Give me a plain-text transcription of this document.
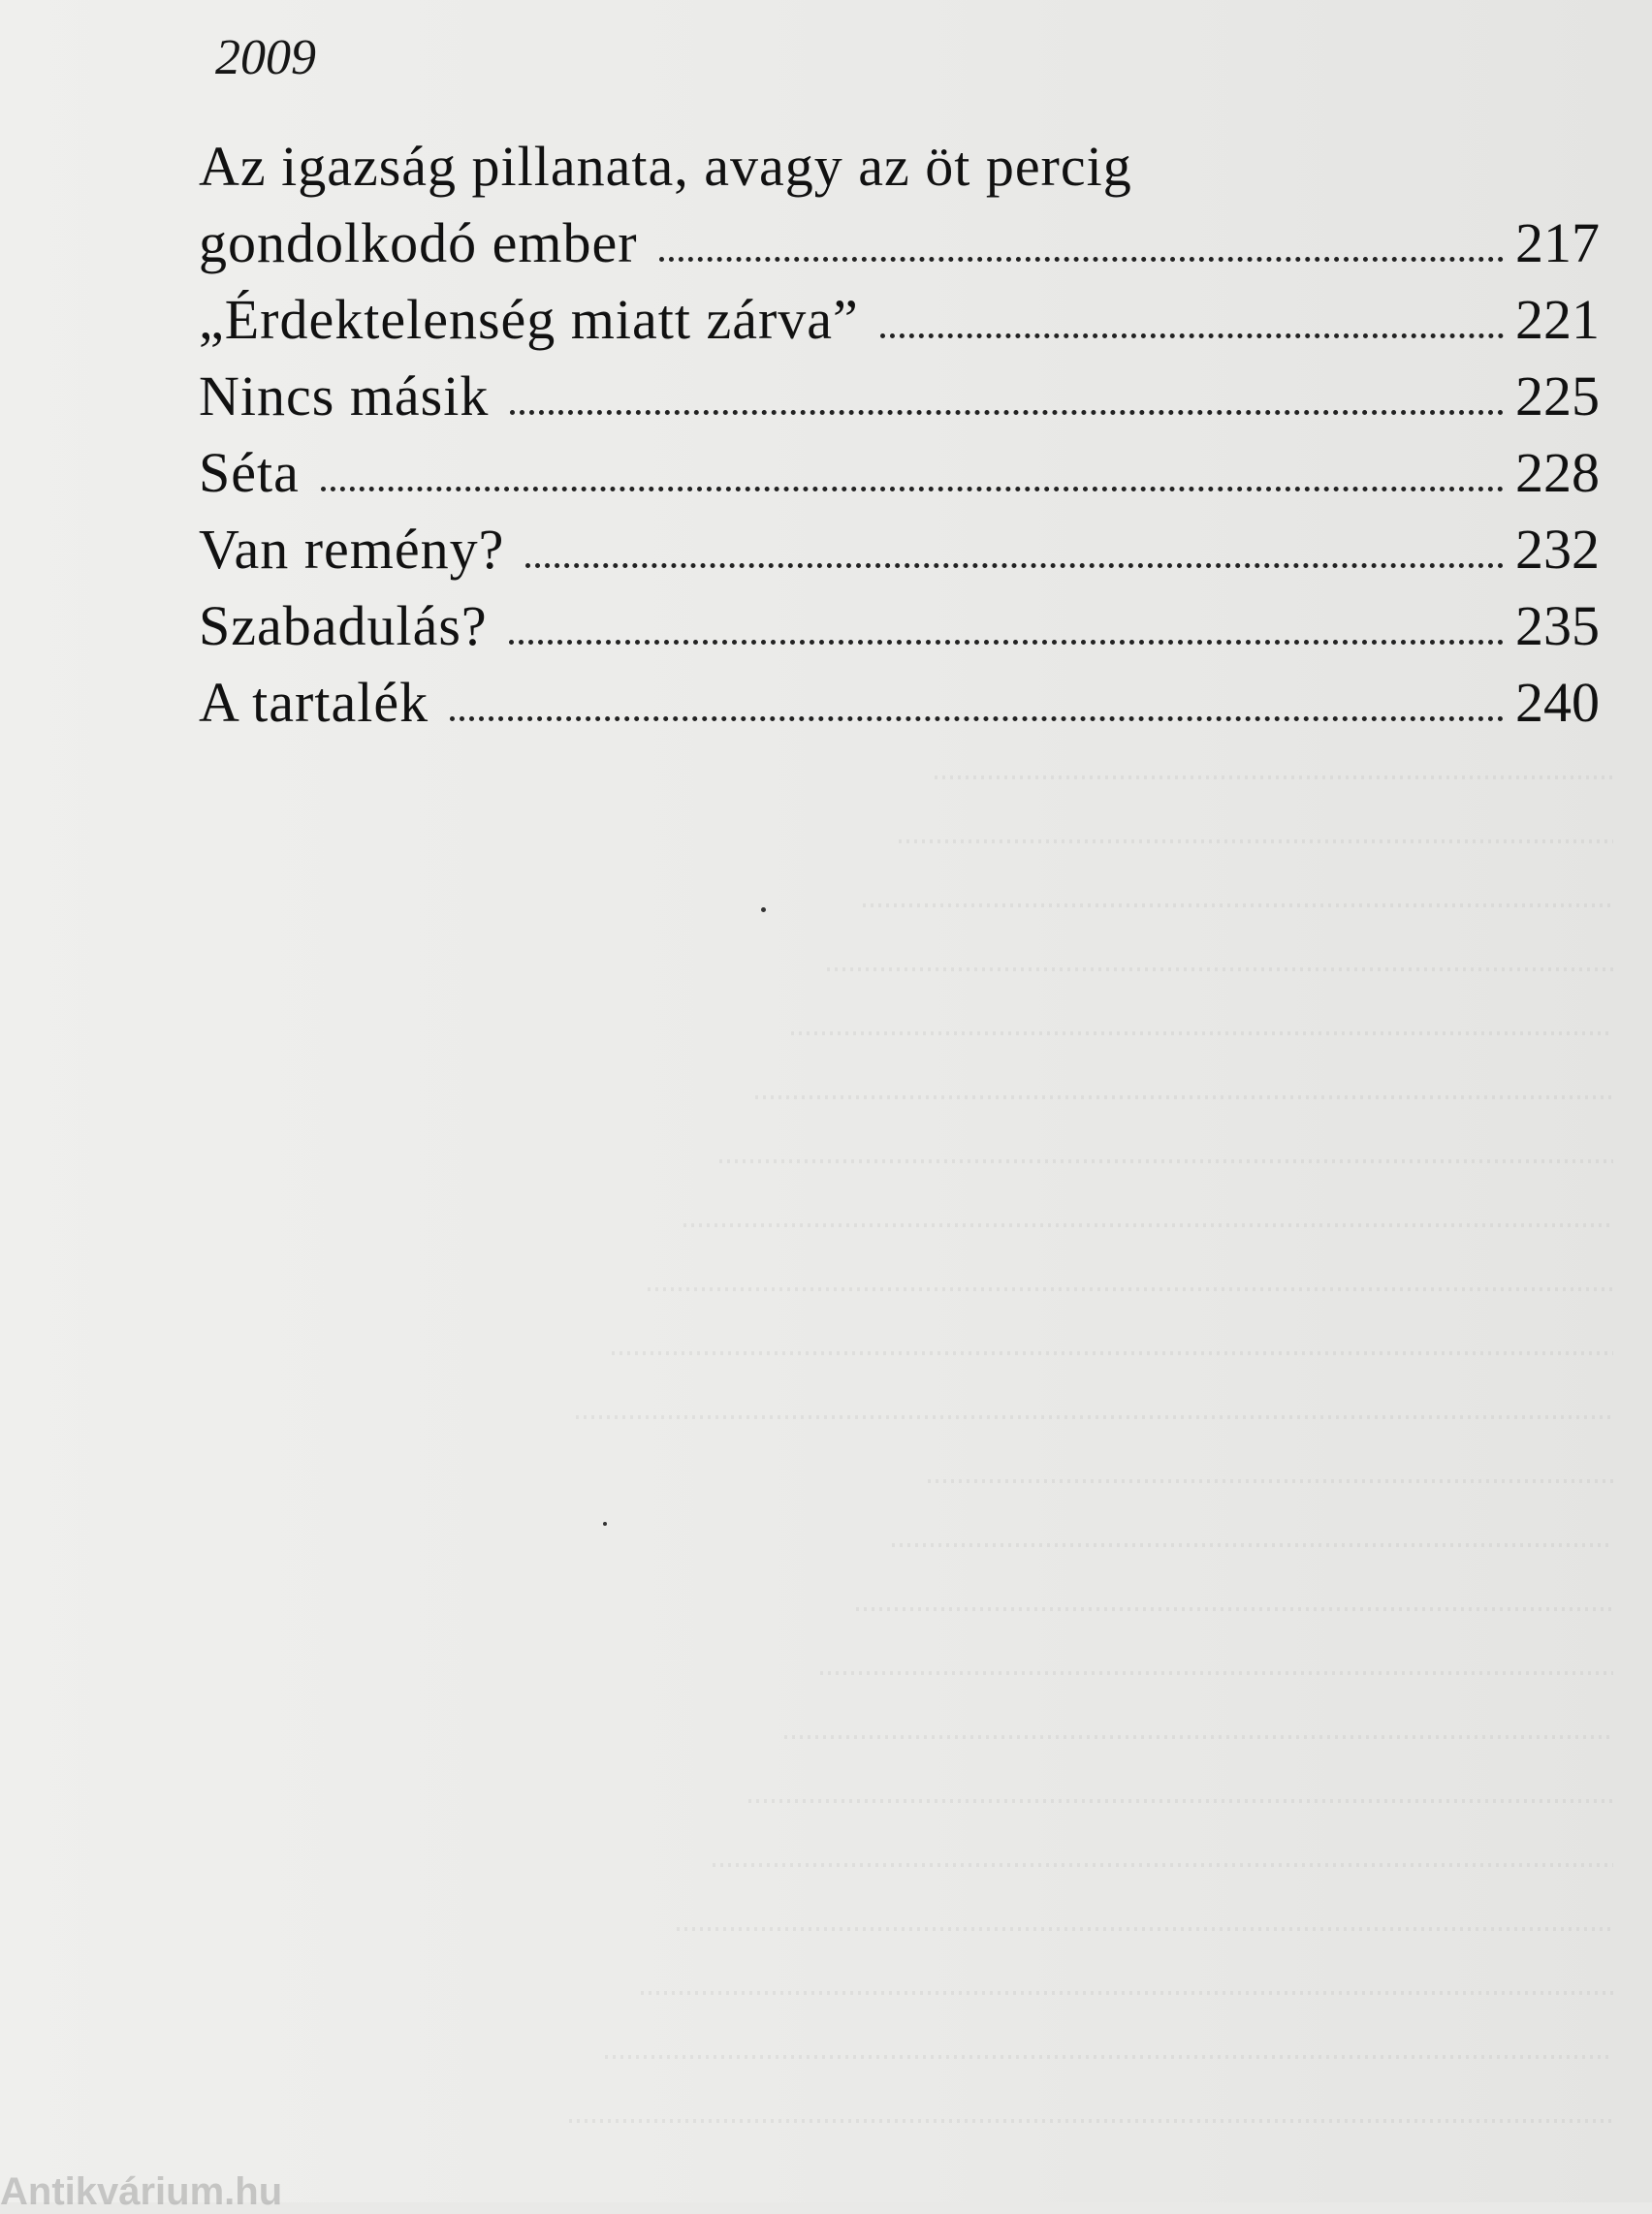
2009
Az igazság pillanata, avagy az öt percig
gondolkodó ember	217
„Érdektelenség miatt zárva”	221
Nincs másik	225
Séta	228
Van remény?	232
Szabadulás?	235
A tartalék	240
Antikvárium.hu
